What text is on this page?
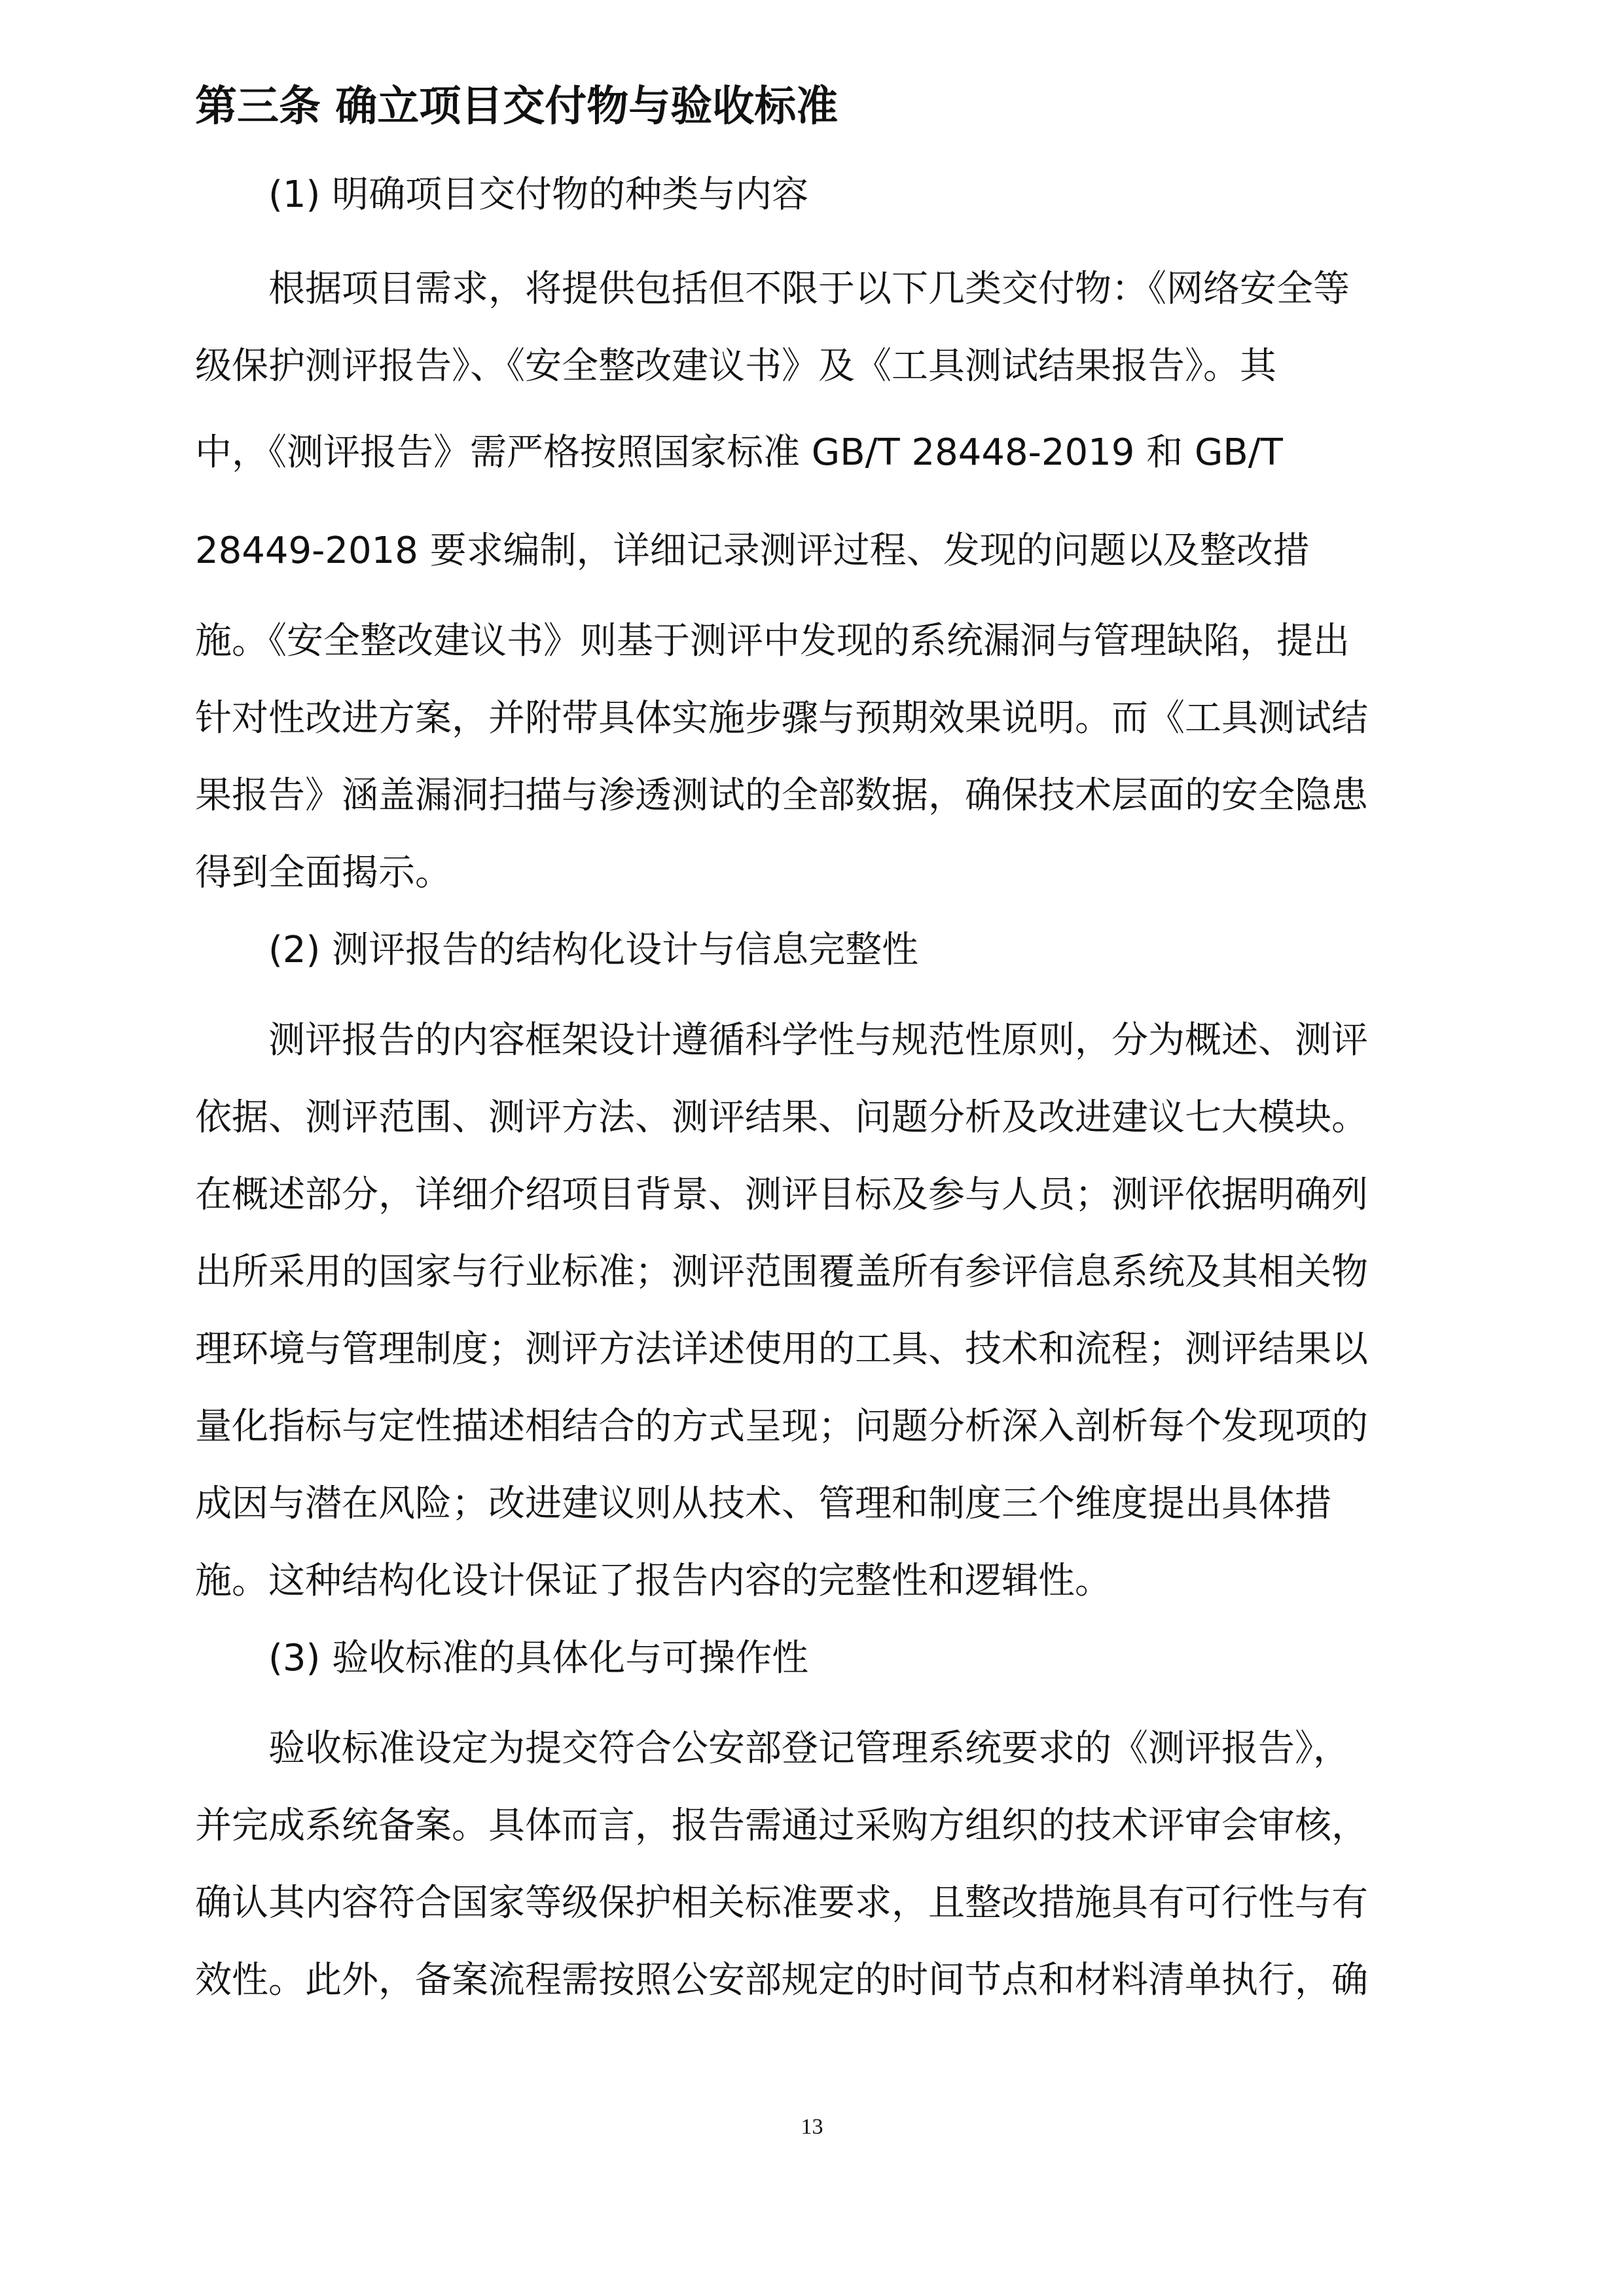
第三条 确立项目交付物与验收标准
(1) 明确项目交付物的种类与内容
根据项目需求，将提供包括但不限于以下几类交付物：《网络安全等
级保护测评报告》、《安全整改建议书》及《工具测试结果报告》。其
中，《测评报告》需严格按照国家标准 GB/T 28448-2019 和 GB/T
28449-2018 要求编制，详细记录测评过程、发现的问题以及整改措
施。《安全整改建议书》则基于测评中发现的系统漏洞与管理缺陷，提出
针对性改进方案，并附带具体实施步骤与预期效果说明。而《工具测试结
果报告》涵盖漏洞扫描与渗透测试的全部数据，确保技术层面的安全隐患
得到全面揭示。
(2) 测评报告的结构化设计与信息完整性
测评报告的内容框架设计遵循科学性与规范性原则，分为概述、测评
依据、测评范围、测评方法、测评结果、问题分析及改进建议七大模块。
在概述部分，详细介绍项目背景、测评目标及参与人员；测评依据明确列
出所采用的国家与行业标准；测评范围覆盖所有参评信息系统及其相关物
理环境与管理制度；测评方法详述使用的工具、技术和流程；测评结果以
量化指标与定性描述相结合的方式呈现；问题分析深入剖析每个发现项的
成因与潜在风险；改进建议则从技术、管理和制度三个维度提出具体措
施。这种结构化设计保证了报告内容的完整性和逻辑性。
(3) 验收标准的具体化与可操作性
验收标准设定为提交符合公安部登记管理系统要求的《测评报告》，
并完成系统备案。具体而言，报告需通过采购方组织的技术评审会审核，
确认其内容符合国家等级保护相关标准要求，且整改措施具有可行性与有
效性。此外，备案流程需按照公安部规定的时间节点和材料清单执行，确
13
